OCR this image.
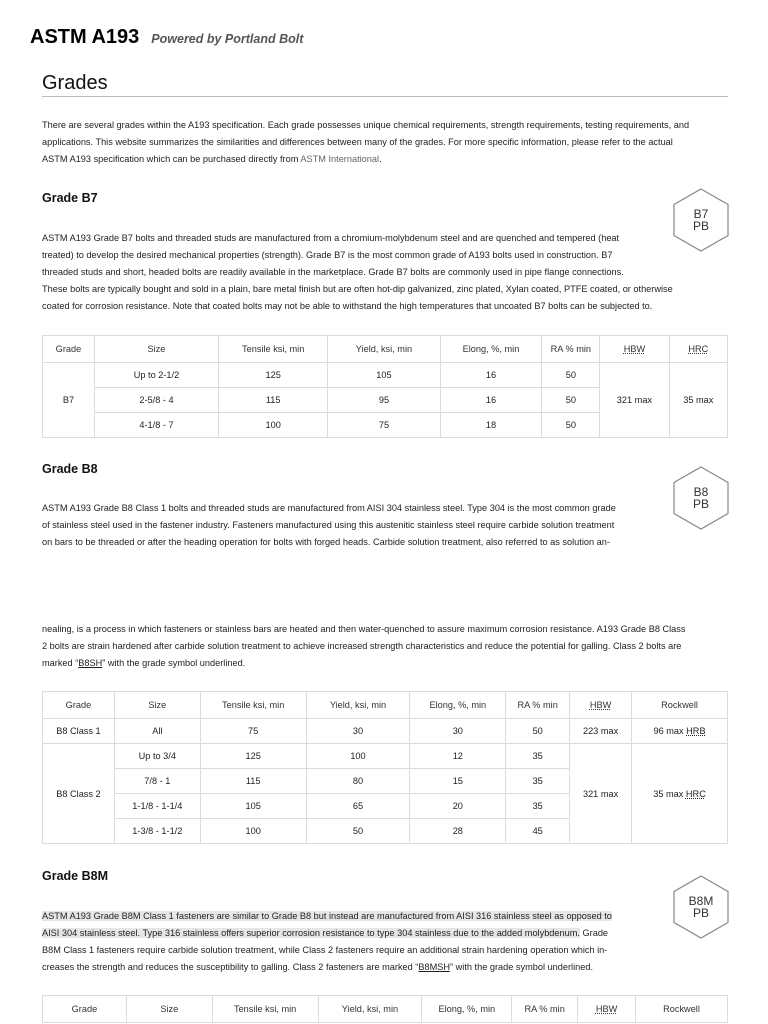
ASTM A193 Powered by Portland Bolt
Grades
There are several grades within the A193 specification. Each grade possesses unique chemical requirements, strength requirements, testing requirements, and
applications. This website summarizes the similarities and differences between many of the grades. For more specific information, please refer to the actual
ASTM A193 specification which can be purchased directly from ASTM International.
Grade B7
B7
PB
ASTM A193 Grade B7 bolts and threaded studs are manufactured from a chromium-molybdenum steel and are quenched and tempered (heat
treated) to develop the desired mechanical properties (strength). Grade B7 is the most common grade of A193 bolts used in construction. B7
threaded studs and short, headed bolts are readily available in the marketplace. Grade B7 bolts are commonly used in pipe flange connections.
These bolts are typically bought and sold in a plain, bare metal finish but are often hot-dip galvanized, zinc plated, Xylan coated, PTFE coated, or otherwise
coated for corrosion resistance. Note that coated bolts may not be able to withstand the high temperatures that uncoated B7 bolts can be subjected to.
Grade	Size	Tensile ksi, min	Yield, ksi, min	Elong, %, min	RA % min	HBW	HRC
B7	Up to 2-1/2	125	105	16	50	321 max	35 max
	2-5/8 - 4	115	95	16	50		
	4-1/8 - 7	100	75	18	50		
Grade B8
B8
PB
ASTM A193 Grade B8 Class 1 bolts and threaded studs are manufactured from AISI 304 stainless steel. Type 304 is the most common grade
of stainless steel used in the fastener industry. Fasteners manufactured using this austenitic stainless steel require carbide solution treatment
on bars to be threaded or after the heading operation for bolts with forged heads. Carbide solution treatment, also referred to as solution an-
nealing, is a process in which fasteners or stainless bars are heated and then water-quenched to assure maximum corrosion resistance. A193 Grade B8 Class
2 bolts are strain hardened after carbide solution treatment to achieve increased strength characteristics and reduce the potential for galling. Class 2 bolts are
marked “B8SH” with the grade symbol underlined.
Grade	Size	Tensile ksi, min	Yield, ksi, min	Elong, %, min	RA % min	HBW	Rockwell
B8 Class 1	All	75	30	30	50	223 max	96 max HRB
B8 Class 2	Up to 3/4	125	100	12	35	321 max	35 max HRC
	7/8 - 1	115	80	15	35		
	1-1/8 - 1-1/4	105	65	20	35		
	1-3/8 - 1-1/2	100	50	28	45		
Grade B8M
B8M
PB
ASTM A193 Grade B8M Class 1 fasteners are similar to Grade B8 but instead are manufactured from AISI 316 stainless steel as opposed to
AISI 304 stainless steel. Type 316 stainless offers superior corrosion resistance to type 304 stainless due to the added molybdenum. Grade
B8M Class 1 fasteners require carbide solution treatment, while Class 2 fasteners require an additional strain hardening operation which in-
creases the strength and reduces the susceptibility to galling. Class 2 fasteners are marked “B8MSH” with the grade symbol underlined.
Grade	Size	Tensile ksi, min	Yield, ksi, min	Elong, %, min	RA % min	HBW	Rockwell
